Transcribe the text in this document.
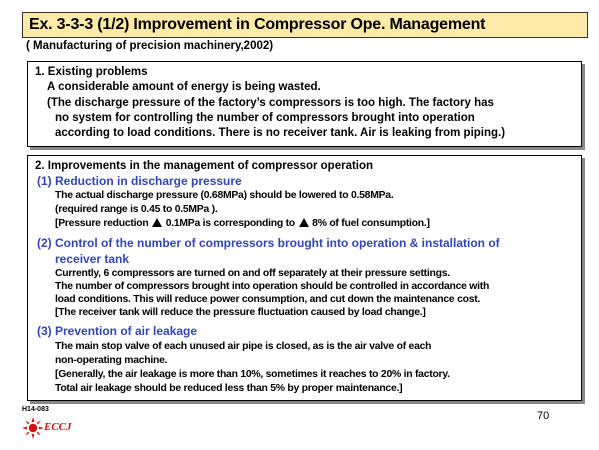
Ex. 3-3-3 (1/2) Improvement in Compressor Ope. Management
( Manufacturing of precision machinery,2002)
1. Existing problems
A considerable amount of energy is being wasted.
(The discharge pressure of the factory’s compressors is too high. The factory has
no system for controlling the number of compressors brought into operation
according to load conditions. There is no receiver tank. Air is leaking from piping.)
2. Improvements in the management of compressor operation
(1) Reduction in discharge pressure
The actual discharge pressure (0.68MPa) should be lowered to 0.58MPa.
(required range is 0.45 to 0.5MPa ).
[Pressure reduction 0.1MPa is corresponding to 8% of fuel consumption.]
(2) Control of the number of compressors brought into operation & installation of
receiver tank
Currently, 6 compressors are turned on and off separately at their pressure settings.
The number of compressors brought into operation should be controlled in accordance with
load conditions. This will reduce power consumption, and cut down the maintenance cost.
[The receiver tank will reduce the pressure fluctuation caused by load change.]
(3) Prevention of air leakage
The main stop valve of each unused air pipe is closed, as is the air valve of each
non-operating machine.
[Generally, the air leakage is more than 10%, sometimes it reaches to 20% in factory.
Total air leakage should be reduced less than 5% by proper maintenance.]
H14-083
ECCJ
70
